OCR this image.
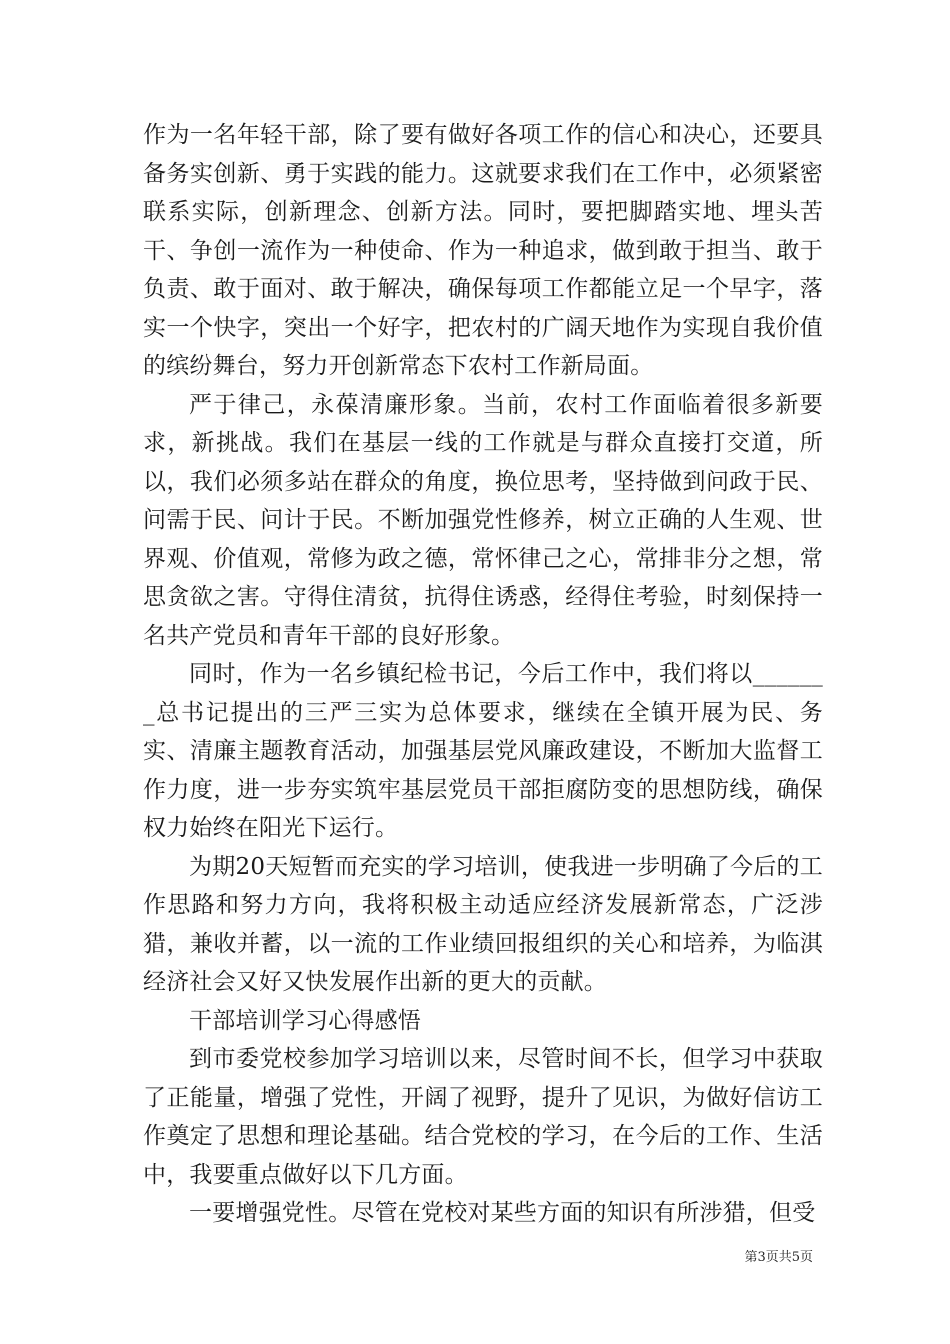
作为一名年轻干部，除了要有做好各项工作的信心和决心，还要具备务实创新、勇于实践的能力。这就要求我们在工作中，必须紧密联系实际，创新理念、创新方法。同时，要把脚踏实地、埋头苦干、争创一流作为一种使命、作为一种追求，做到敢于担当、敢于负责、敢于面对、敢于解决，确保每项工作都能立足一个早字，落实一个快字，突出一个好字，把农村的广阔天地作为实现自我价值的缤纷舞台，努力开创新常态下农村工作新局面。

严于律己，永葆清廉形象。当前，农村工作面临着很多新要求，新挑战。我们在基层一线的工作就是与群众直接打交道，所以，我们必须多站在群众的角度，换位思考，坚持做到问政于民、问需于民、问计于民。不断加强党性修养，树立正确的人生观、世界观、价值观，常修为政之德，常怀律己之心，常排非分之想，常思贪欲之害。守得住清贫，抗得住诱惑，经得住考验，时刻保持一名共产党员和青年干部的良好形象。

同时，作为一名乡镇纪检书记，今后工作中，我们将以_______总书记提出的三严三实为总体要求，继续在全镇开展为民、务实、清廉主题教育活动，加强基层党风廉政建设，不断加大监督工作力度，进一步夯实筑牢基层党员干部拒腐防变的思想防线，确保权力始终在阳光下运行。

为期20天短暂而充实的学习培训，使我进一步明确了今后的工作思路和努力方向，我将积极主动适应经济发展新常态，广泛涉猎，兼收并蓄，以一流的工作业绩回报组织的关心和培养，为临淇经济社会又好又快发展作出新的更大的贡献。

干部培训学习心得感悟

到市委党校参加学习培训以来，尽管时间不长，但学习中获取了正能量，增强了党性，开阔了视野，提升了见识，为做好信访工作奠定了思想和理论基础。结合党校的学习，在今后的工作、生活中，我要重点做好以下几方面。

一要增强党性。尽管在党校对某些方面的知识有所涉猎，但受

第3页共5页
